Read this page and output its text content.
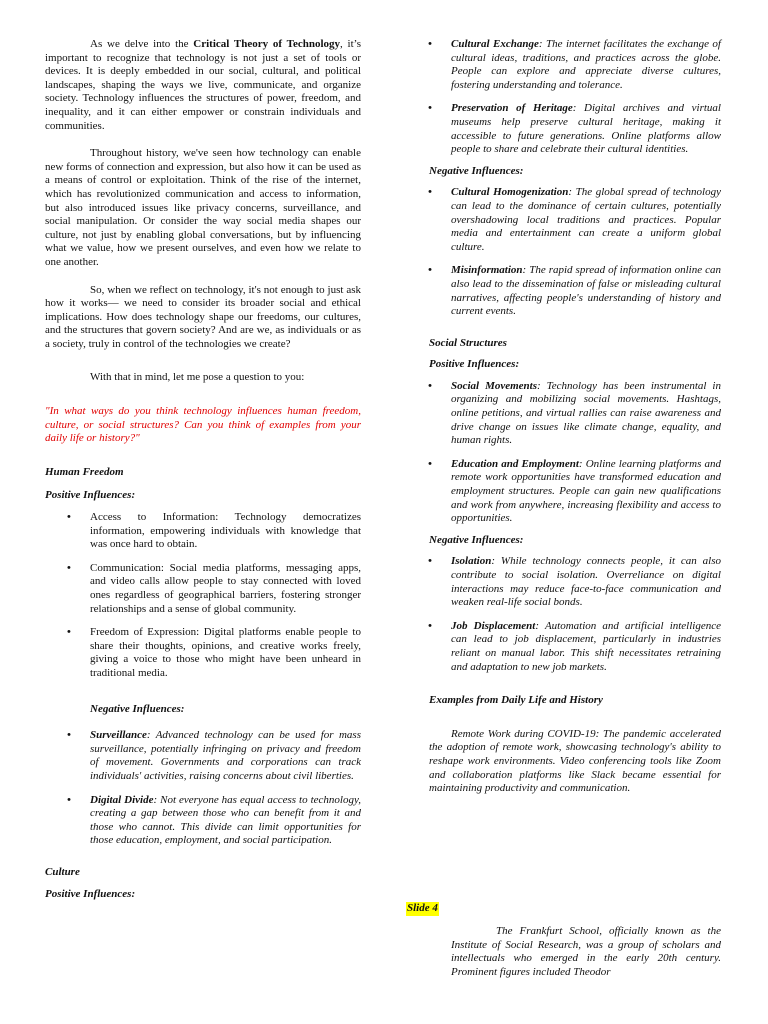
As we delve into the Critical Theory of Technology, it’s important to recognize that technology is not just a set of tools or devices. It is deeply embedded in our social, cultural, and political landscapes, shaping the ways we live, communicate, and organize society. Technology influences the structures of power, freedom, and inequality, and it can either empower or constrain individuals and communities.

Throughout history, we've seen how technology can enable new forms of connection and expression, but also how it can be used as a means of control or exploitation. Think of the rise of the internet, which has revolutionized communication and access to information, but also introduced issues like privacy concerns, surveillance, and social manipulation. Or consider the way social media shapes our culture, not just by enabling global conversations, but by influencing what we value, how we present ourselves, and even how we relate to one another.

So, when we reflect on technology, it's not enough to just ask how it works— we need to consider its broader social and ethical implications. How does technology shape our freedoms, our cultures, and the structures that govern society? And are we, as individuals or as a society, truly in control of the technologies we create?

With that in mind, let me pose a question to you:

"In what ways do you think technology influences human freedom, culture, or social structures? Can you think of examples from your daily life or history?"

Human Freedom

Positive Influences:

• Access to Information: Technology democratizes information, empowering individuals with knowledge that was once hard to obtain.
• Communication: Social media platforms, messaging apps, and video calls allow people to stay connected with loved ones regardless of geographical barriers, fostering stronger relationships and a sense of global community.
• Freedom of Expression: Digital platforms enable people to share their thoughts, opinions, and creative works freely, giving a voice to those who might have been unheard in traditional media.

Negative Influences:

• Surveillance: Advanced technology can be used for mass surveillance, potentially infringing on privacy and freedom of movement. Governments and corporations can track individuals' activities, raising concerns about civil liberties.
• Digital Divide: Not everyone has equal access to technology, creating a gap between those who can benefit from it and those who cannot. This divide can limit opportunities for those education, employment, and social participation.

Culture

Positive Influences:

• Cultural Exchange: The internet facilitates the exchange of cultural ideas, traditions, and practices across the globe. People can explore and appreciate diverse cultures, fostering understanding and tolerance.
• Preservation of Heritage: Digital archives and virtual museums help preserve cultural heritage, making it accessible to future generations. Online platforms allow people to share and celebrate their cultural identities.

Negative Influences:

• Cultural Homogenization: The global spread of technology can lead to the dominance of certain cultures, potentially overshadowing local traditions and practices. Popular media and entertainment can create a uniform global culture.
• Misinformation: The rapid spread of information online can also lead to the dissemination of false or misleading cultural narratives, affecting people's understanding of history and current events.

Social Structures

Positive Influences:

• Social Movements: Technology has been instrumental in organizing and mobilizing social movements. Hashtags, online petitions, and virtual rallies can raise awareness and drive change on issues like climate change, equality, and human rights.
• Education and Employment: Online learning platforms and remote work opportunities have transformed education and employment structures. People can gain new qualifications and work from anywhere, increasing flexibility and access to opportunities.

Negative Influences:

• Isolation: While technology connects people, it can also contribute to social isolation. Overreliance on digital interactions may reduce face-to-face communication and weaken real-life social bonds.
• Job Displacement: Automation and artificial intelligence can lead to job displacement, particularly in industries reliant on manual labor. This shift necessitates retraining and adaptation to new job markets.

Examples from Daily Life and History

Remote Work during COVID-19: The pandemic accelerated the adoption of remote work, showcasing technology's ability to reshape work environments. Video conferencing tools like Zoom and collaboration platforms like Slack became essential for maintaining productivity and communication.

Slide 4

The Frankfurt School, officially known as the Institute of Social Research, was a group of scholars and intellectuals who emerged in the early 20th century. Prominent figures included Theodor
